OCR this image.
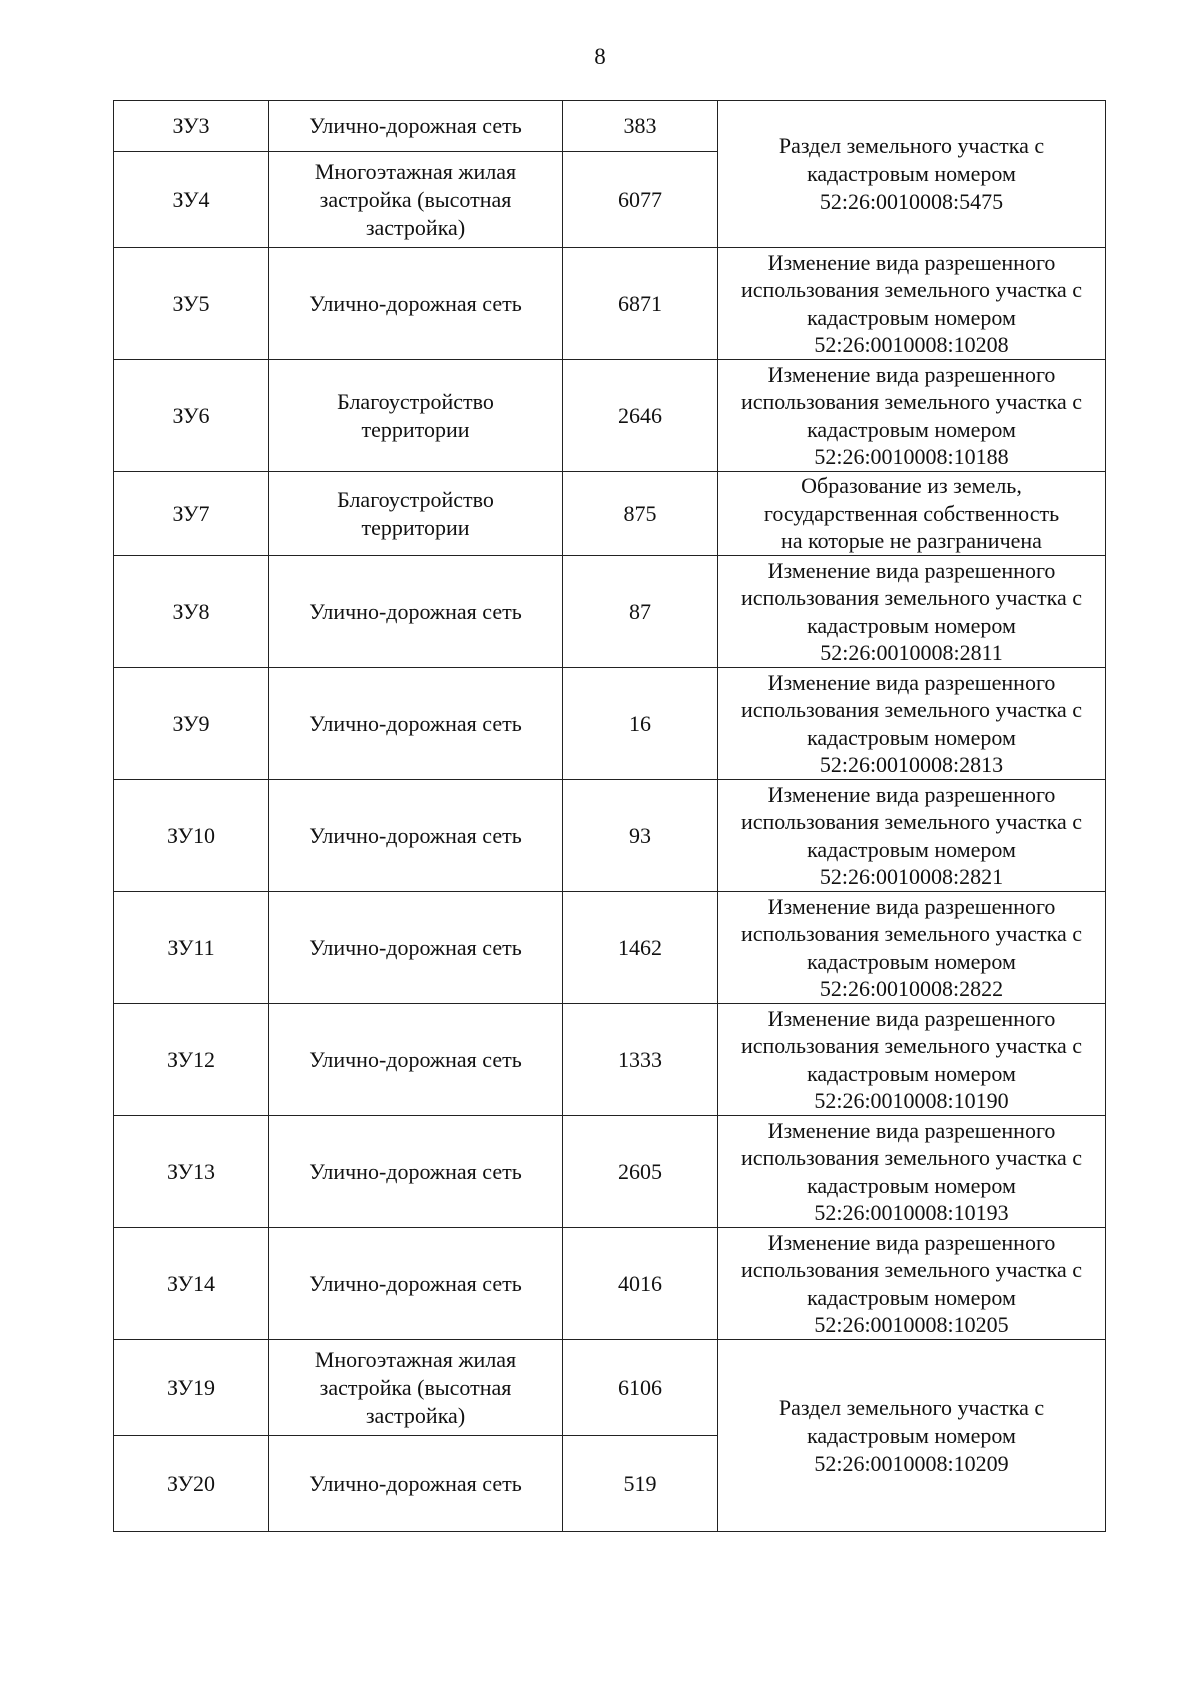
8
ЗУ3	Улично-дорожная сеть	383	Раздел земельного участка с
кадастровым номером
52:26:0010008:5475

ЗУ4	Многоэтажная жилая
застройка (высотная
застройка)	6077	
ЗУ5	Улично-дорожная сеть	6871	Изменение вида разрешенного
использования земельного участка с
кадастровым номером
52:26:0010008:10208

ЗУ6	Благоустройство
территории	2646	Изменение вида разрешенного
использования земельного участка с
кадастровым номером
52:26:0010008:10188

ЗУ7	Благоустройство
территории	875	Образование из земель,
государственная собственность
на которые не разграничена

ЗУ8	Улично-дорожная сеть	87	Изменение вида разрешенного
использования земельного участка с
кадастровым номером
52:26:0010008:2811

ЗУ9	Улично-дорожная сеть	16	Изменение вида разрешенного
использования земельного участка с
кадастровым номером
52:26:0010008:2813

ЗУ10	Улично-дорожная сеть	93	Изменение вида разрешенного
использования земельного участка с
кадастровым номером
52:26:0010008:2821

ЗУ11	Улично-дорожная сеть	1462	Изменение вида разрешенного
использования земельного участка с
кадастровым номером
52:26:0010008:2822

ЗУ12	Улично-дорожная сеть	1333	Изменение вида разрешенного
использования земельного участка с
кадастровым номером
52:26:0010008:10190

ЗУ13	Улично-дорожная сеть	2605	Изменение вида разрешенного
использования земельного участка с
кадастровым номером
52:26:0010008:10193

ЗУ14	Улично-дорожная сеть	4016	Изменение вида разрешенного
использования земельного участка с
кадастровым номером
52:26:0010008:10205

ЗУ19	Многоэтажная жилая
застройка (высотная
застройка)	6106	Раздел земельного участка с
кадастровым номером
52:26:0010008:10209

ЗУ20	Улично-дорожная сеть	519	
